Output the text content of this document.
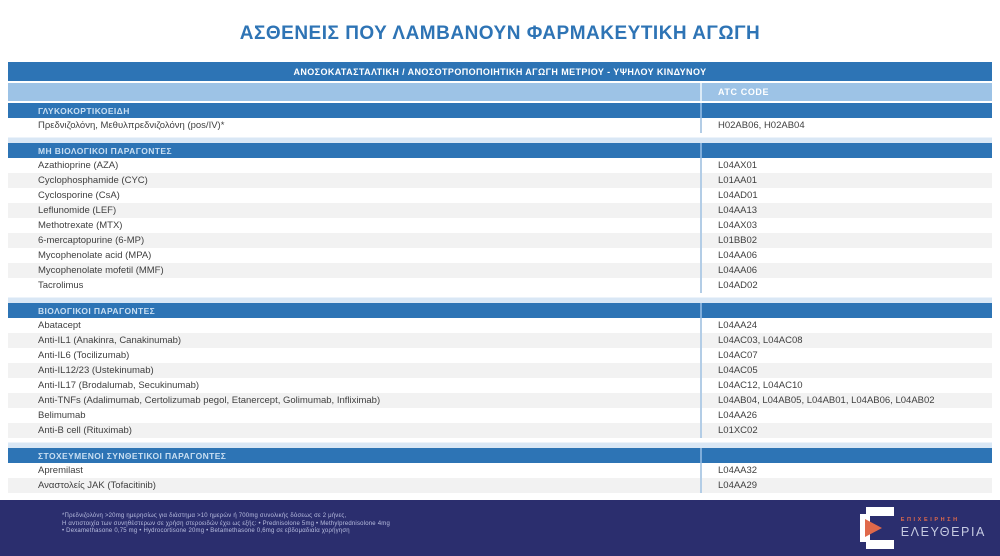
ΑΣΘΕΝΕΙΣ ΠΟΥ ΛΑΜΒΑΝΟΥΝ ΦΑΡΜΑΚΕΥΤΙΚΗ ΑΓΩΓΗ
ΑΝΟΣΟΚΑΤΑΣΤΑΛΤΙΚΗ / ΑΝΟΣΟΤΡΟΠΟΠΟΙΗΤΙΚΗ ΑΓΩΓΗ ΜΕΤΡΙΟΥ - ΥΨΗΛΟΥ ΚΙΝΔΥΝΟΥ
ATC CODE
ΓΛΥΚΟΚΟΡΤΙΚΟΕΙΔΗ
Πρεδνιζολόνη, Μεθυλπρεδνιζολόνη (pos/IV)*	H02AB06, H02AB04
ΜΗ ΒΙΟΛΟΓΙΚΟΙ ΠΑΡΑΓΟΝΤΕΣ
Azathioprine (AZA)	L04AX01
Cyclophosphamide (CYC)	L01AA01
Cyclosporine (CsA)	L04AD01
Leflunomide (LEF)	L04AA13
Methotrexate (MTX)	L04AX03
6-mercaptopurine (6-MP)	L01BB02
Mycophenolate acid (MPA)	L04AA06
Mycophenolate mofetil (MMF)	L04AA06
Tacrolimus	L04AD02
ΒΙΟΛΟΓΙΚΟΙ ΠΑΡΑΓΟΝΤΕΣ
Abatacept	L04AA24
Anti-IL1 (Anakinra, Canakinumab)	L04AC03, L04AC08
Anti-IL6 (Tocilizumab)	L04AC07
Anti-IL12/23 (Ustekinumab)	L04AC05
Anti-IL17 (Brodalumab, Secukinumab)	L04AC12, L04AC10
Anti-TNFs (Adalimumab, Certolizumab pegol, Etanercept, Golimumab, Infliximab)	L04AB04, L04AB05, L04AB01, L04AB06, L04AB02
Belimumab	L04AA26
Anti-B cell (Rituximab)	L01XC02
ΣΤΟΧΕΥΜΕΝΟΙ ΣΥΝΘΕΤΙΚΟΙ ΠΑΡΑΓΟΝΤΕΣ
Apremilast	L04AA32
Αναστολείς JAK (Tofacitinib)	L04AA29
*Πρεδνιζολόνη >20mg ημερησίως για διάστημα >10 ημερών ή 700mg συνολικής δόσεως σε 2 μήνες,
Η αντιστοιχία των συνηθέστερων σε χρήση στεροειδών έχει ως εξής: • Prednisolone 5mg • Methylprednisolone 4mg
• Dexamethasone 0,75 mg • Hydrocortisone 20mg • Betamethasone 0,6mg σε εβδομαδιαία χορήγηση
ΕΠΙΧΕΙΡΗΣΗ
ΕΛΕΥΘΕΡΙΑ
